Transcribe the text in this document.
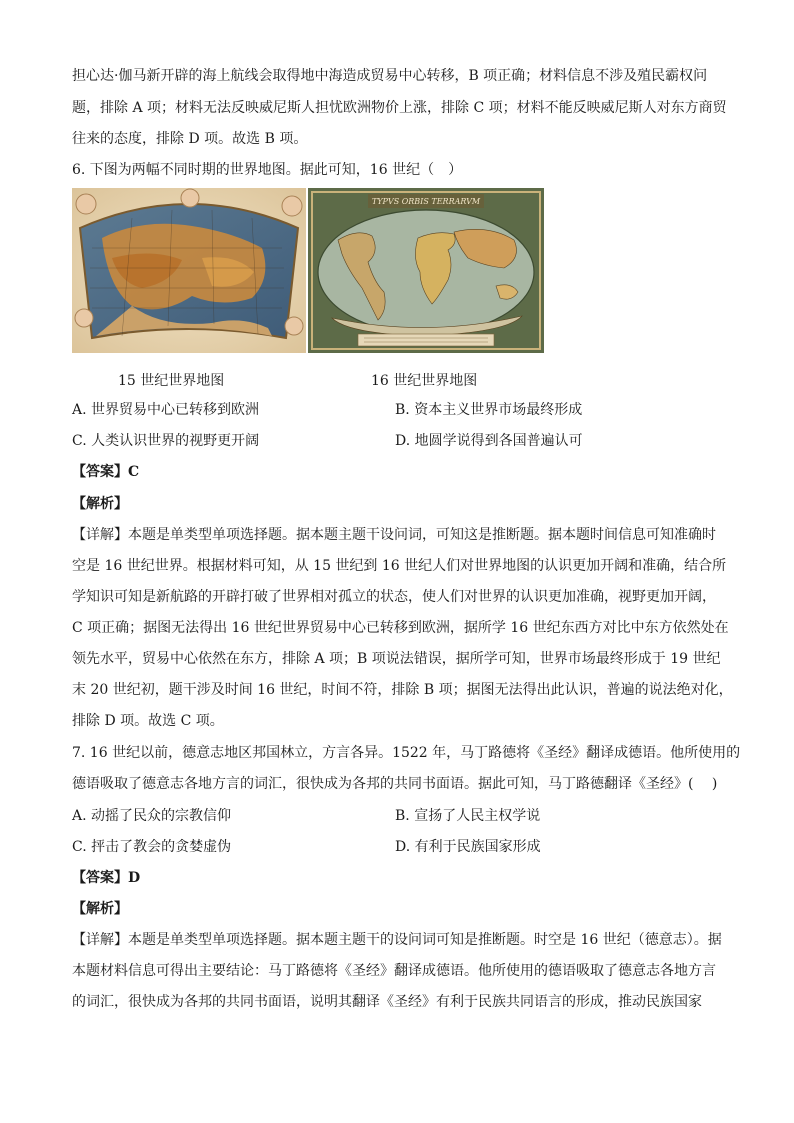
担心达·伽马新开辟的海上航线会取得地中海造成贸易中心转移，B 项正确；材料信息不涉及殖民霸权问
题，排除 A 项；材料无法反映威尼斯人担忧欧洲物价上涨，排除 C 项；材料不能反映威尼斯人对东方商贸
往来的态度，排除 D 项。故选 B 项。
6. 下图为两幅不同时期的世界地图。据此可知，16 世纪（　）
TYPVS ORBIS TERRARVM
15 世纪世界地图	16 世纪世界地图
A. 世界贸易中心已转移到欧洲	B. 资本主义世界市场最终形成
C. 人类认识世界的视野更开阔	D. 地圆学说得到各国普遍认可
【答案】C
【解析】
【详解】本题是单类型单项选择题。据本题主题干设问词，可知这是推断题。据本题时间信息可知准确时
空是 16 世纪世界。根据材料可知，从 15 世纪到 16 世纪人们对世界地图的认识更加开阔和准确，结合所
学知识可知是新航路的开辟打破了世界相对孤立的状态，使人们对世界的认识更加准确，视野更加开阔，
C 项正确；据图无法得出 16 世纪世界贸易中心已转移到欧洲，据所学 16 世纪东西方对比中东方依然处在
领先水平，贸易中心依然在东方，排除 A 项；B 项说法错误，据所学可知，世界市场最终形成于 19 世纪
末 20 世纪初，题干涉及时间 16 世纪，时间不符，排除 B 项；据图无法得出此认识，普遍的说法绝对化，
排除 D 项。故选 C 项。
7. 16 世纪以前，德意志地区邦国林立，方言各异。1522 年，马丁路德将《圣经》翻译成德语。他所使用的
德语吸取了德意志各地方言的词汇，很快成为各邦的共同书面语。据此可知，马丁路德翻译《圣经》(　 )
A. 动摇了民众的宗教信仰	B. 宣扬了人民主权学说
C. 抨击了教会的贪婪虚伪	D. 有利于民族国家形成
【答案】D
【解析】
【详解】本题是单类型单项选择题。据本题主题干的设问词可知是推断题。时空是 16 世纪（德意志）。据
本题材料信息可得出主要结论：马丁路德将《圣经》翻译成德语。他所使用的德语吸取了德意志各地方言
的词汇，很快成为各邦的共同书面语，说明其翻译《圣经》有利于民族共同语言的形成，推动民族国家
